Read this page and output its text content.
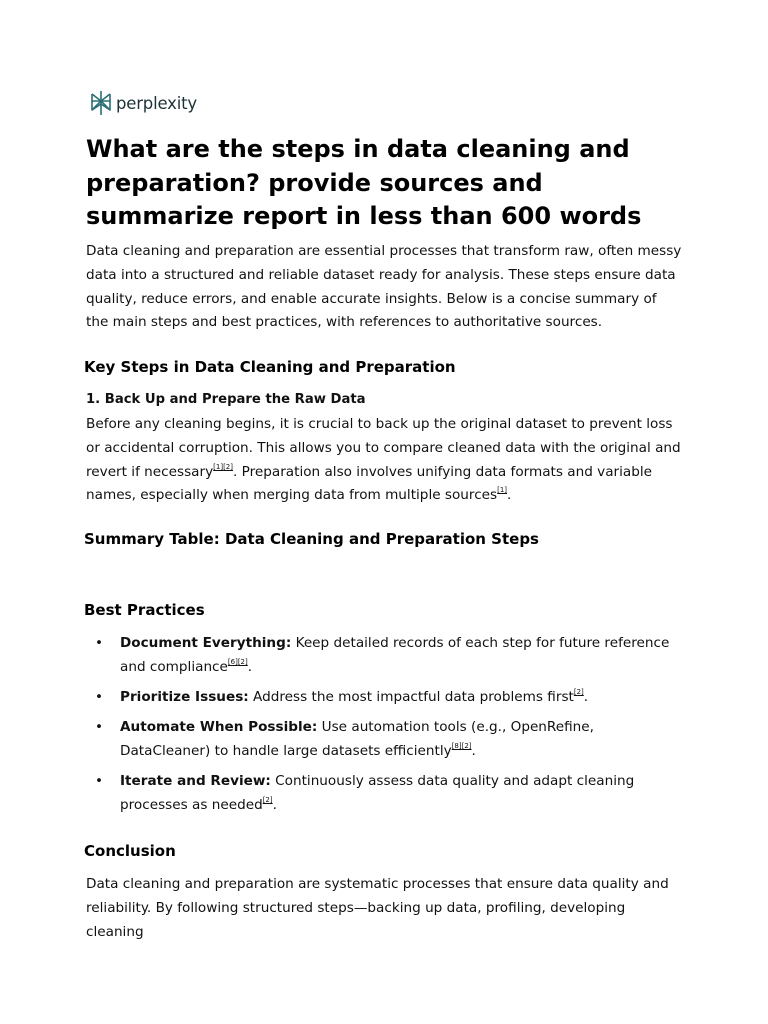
perplexity
What are the steps in data cleaning and preparation? provide sources and summarize report in less than 600 words

Data cleaning and preparation are essential processes that transform raw, often messy data into a structured and reliable dataset ready for analysis. These steps ensure data quality, reduce errors, and enable accurate insights. Below is a concise summary of the main steps and best practices, with references to authoritative sources.

Key Steps in Data Cleaning and Preparation
1. Back Up and Prepare the Raw Data

Before any cleaning begins, it is crucial to back up the original dataset to prevent loss or accidental corruption. This allows you to compare cleaned data with the original and revert if necessary[1][2]. Preparation also involves unifying data formats and variable names, especially when merging data from multiple sources[1].

Summary Table: Data Cleaning and Preparation Steps
Best Practices
• Document Everything: Keep detailed records of each step for future reference and compliance[6][2].
• Prioritize Issues: Address the most impactful data problems first[2].
• Automate When Possible: Use automation tools (e.g., OpenRefine, DataCleaner) to handle large datasets efficiently[8][2].
• Iterate and Review: Continuously assess data quality and adapt cleaning processes as needed[2].
Conclusion

Data cleaning and preparation are systematic processes that ensure data quality and reliability. By following structured steps—backing up data, profiling, developing cleaning
